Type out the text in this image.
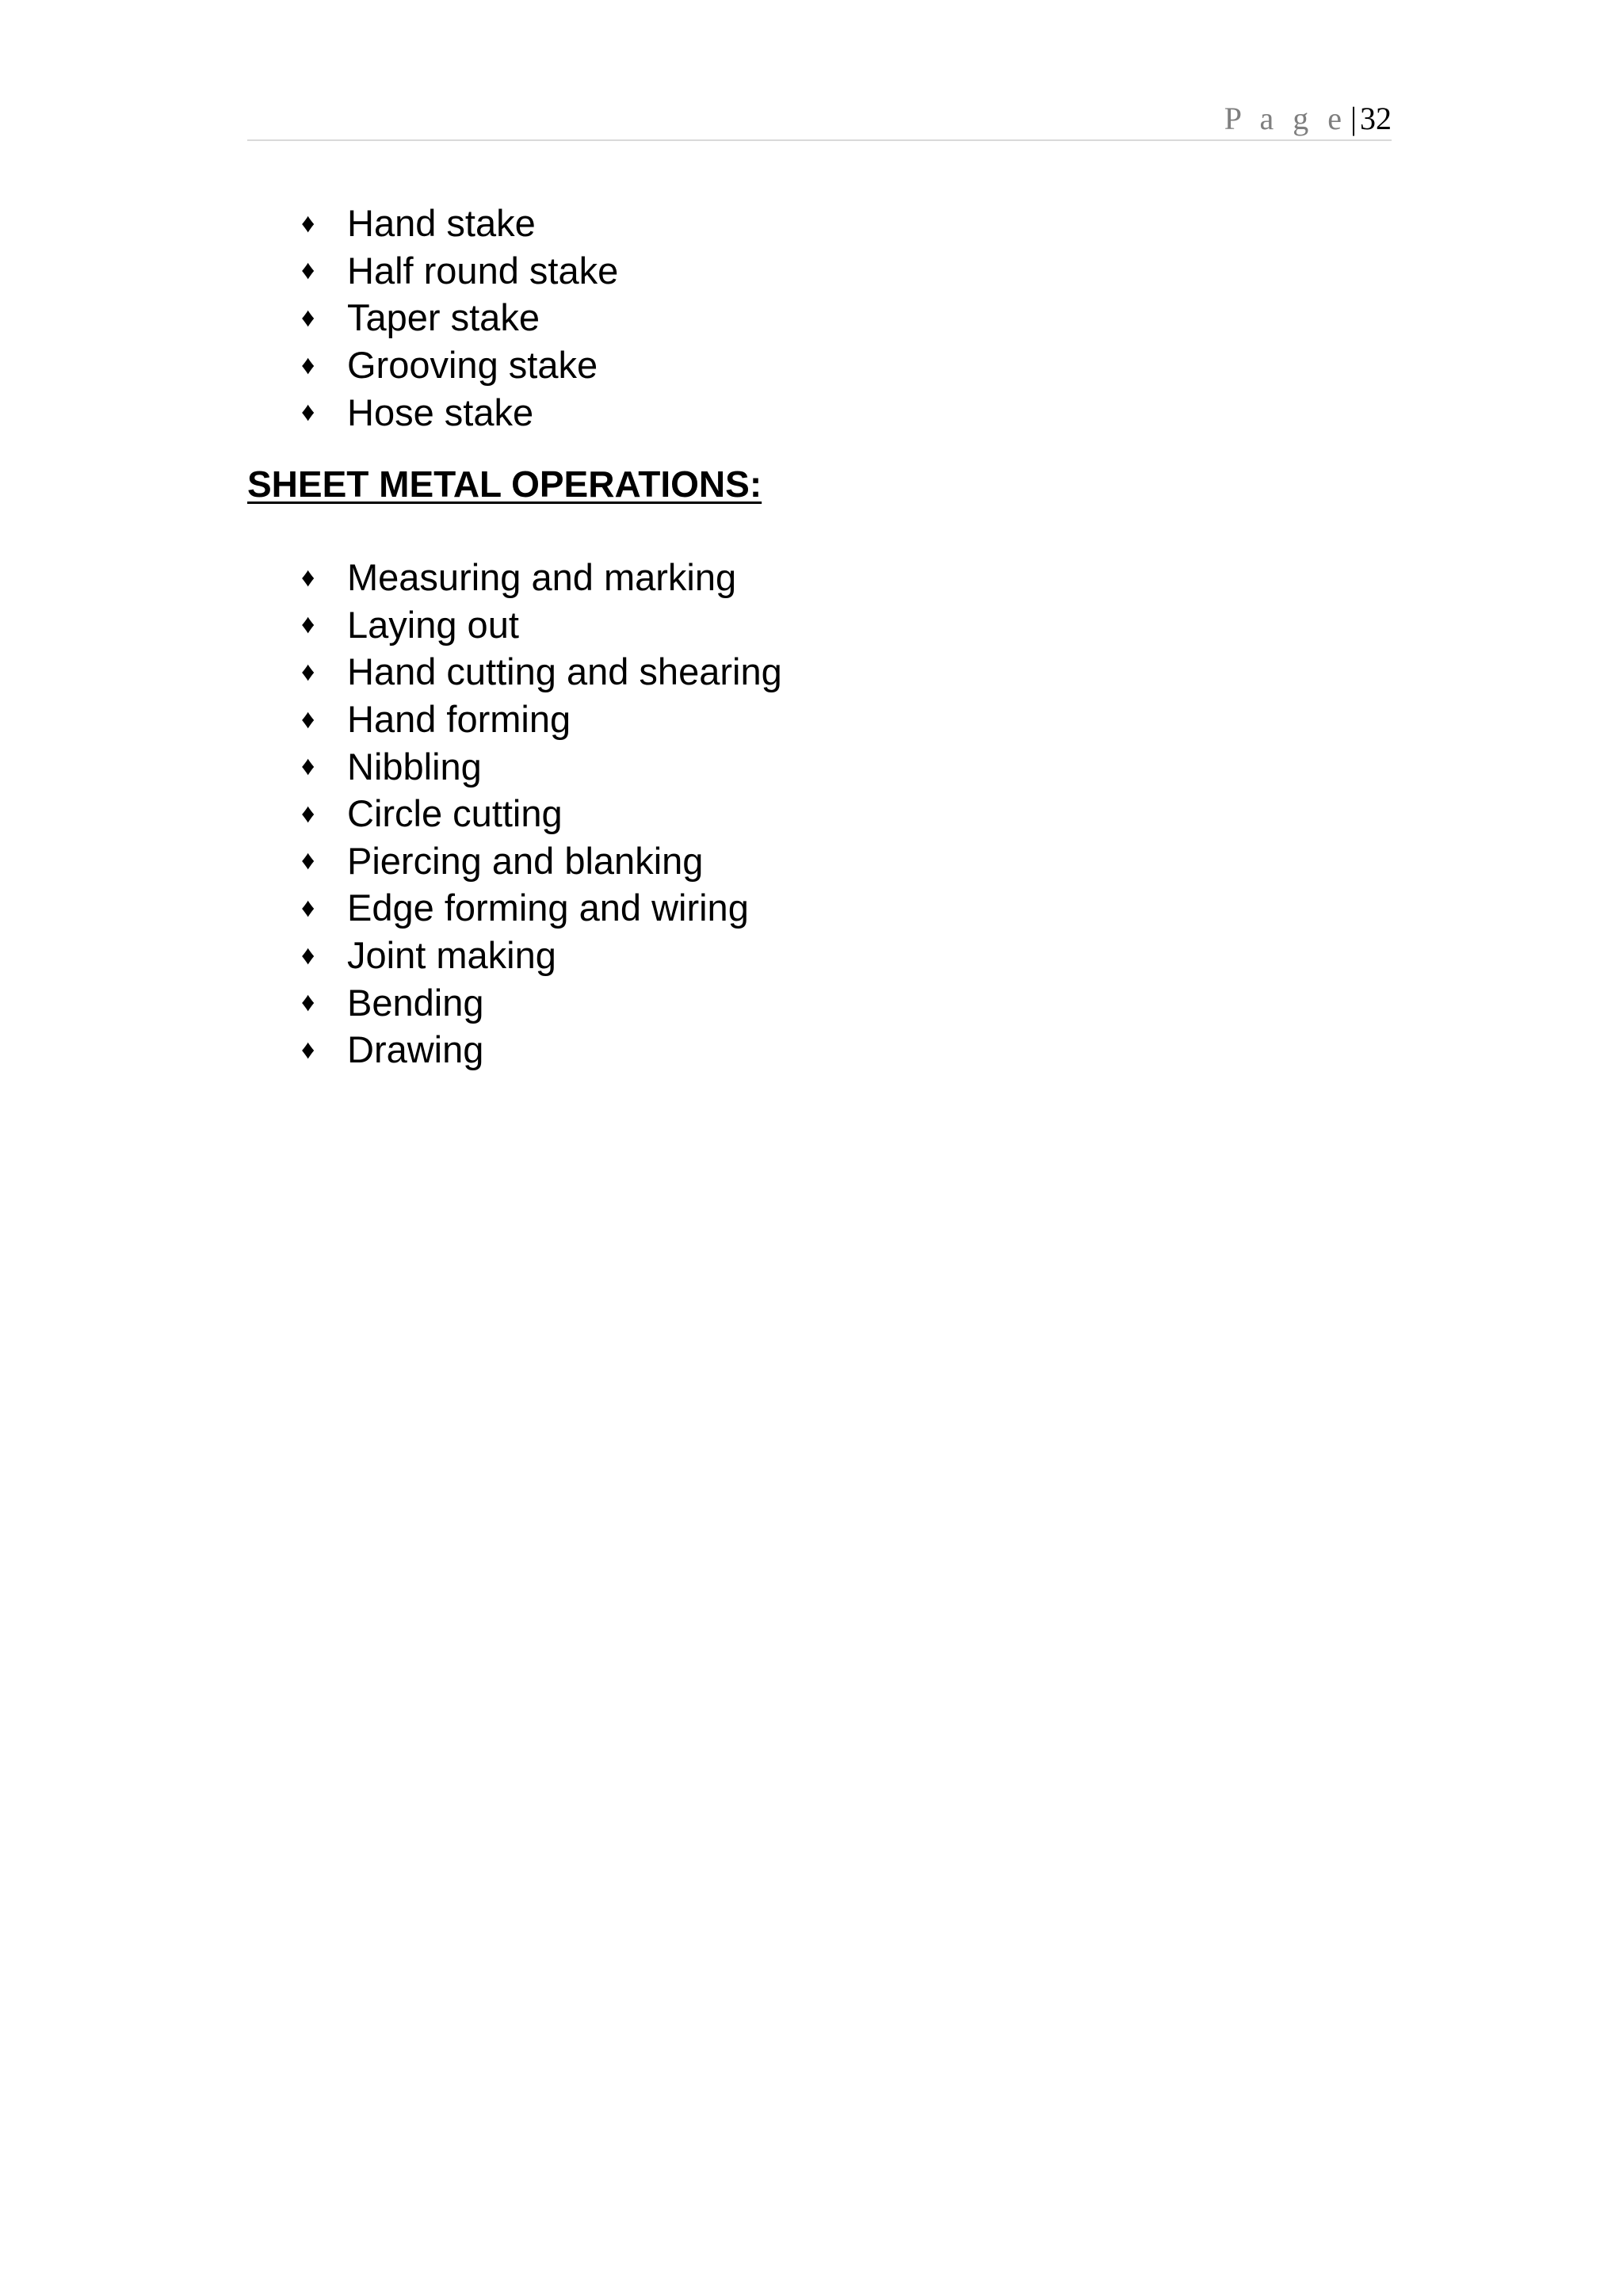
P a g e | 32
♦ Hand stake
♦ Half round stake
♦ Taper stake
♦ Grooving stake
♦ Hose stake
SHEET METAL OPERATIONS:
♦ Measuring and marking
♦ Laying out
♦ Hand cutting and shearing
♦ Hand forming
♦ Nibbling
♦ Circle cutting
♦ Piercing and blanking
♦ Edge forming and wiring
♦ Joint making
♦ Bending
♦ Drawing
